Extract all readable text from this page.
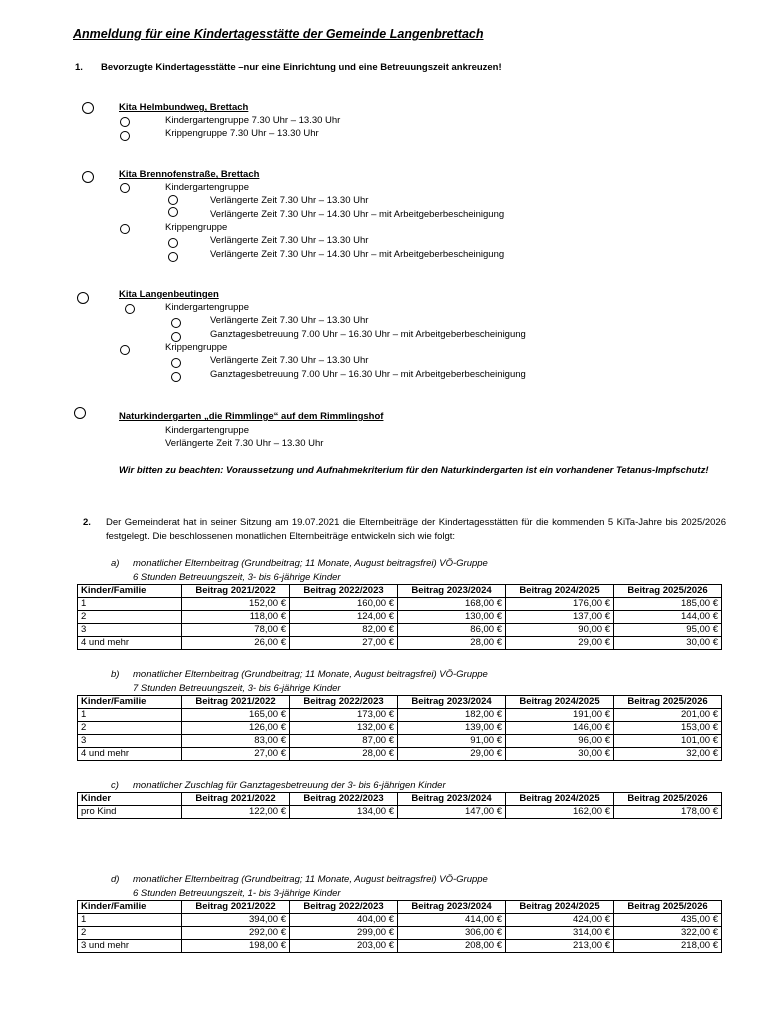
Anmeldung für eine Kindertagesstätte der Gemeinde Langenbrettach
1. Bevorzugte Kindertagesstätte –nur eine Einrichtung und eine Betreuungszeit ankreuzen!
Kita Helmbundweg, Brettach
Kindergartengruppe 7.30 Uhr – 13.30 Uhr
Krippengruppe 7.30 Uhr – 13.30 Uhr
Kita Brennofenstraße, Brettach
Kindergartengruppe
Verlängerte Zeit 7.30 Uhr – 13.30 Uhr
Verlängerte Zeit 7.30 Uhr – 14.30 Uhr – mit Arbeitgeberbescheinigung
Krippengruppe
Verlängerte Zeit 7.30 Uhr – 13.30 Uhr
Verlängerte Zeit 7.30 Uhr – 14.30 Uhr – mit Arbeitgeberbescheinigung
Kita Langenbeutingen
Kindergartengruppe
Verlängerte Zeit 7.30 Uhr – 13.30 Uhr
Ganztagesbetreuung 7.00 Uhr – 16.30 Uhr – mit Arbeitgeberbescheinigung
Krippengruppe
Verlängerte Zeit 7.30 Uhr – 13.30 Uhr
Ganztagesbetreuung 7.00 Uhr – 16.30 Uhr – mit Arbeitgeberbescheinigung
Naturkindergarten „die Rimmlinge“ auf dem Rimmlingshof
Kindergartengruppe
Verlängerte Zeit 7.30 Uhr – 13.30 Uhr
Wir bitten zu beachten: Voraussetzung und Aufnahmekriterium für den Naturkindergarten ist ein vorhandener Tetanus-Impfschutz!
2. Der Gemeinderat hat in seiner Sitzung am 19.07.2021 die Elternbeiträge der Kindertagesstätten für die kommenden 5 KiTa-Jahre bis 2025/2026 festgelegt. Die beschlossenen monatlichen Elternbeiträge entwickeln sich wie folgt:
a) monatlicher Elternbeitrag (Grundbeitrag; 11 Monate, August beitragsfrei) VÖ-Gruppe
6 Stunden Betreuungszeit, 3- bis 6-jährige Kinder
Kinder/Familie	Beitrag 2021/2022	Beitrag 2022/2023	Beitrag 2023/2024	Beitrag 2024/2025	Beitrag 2025/2026
1	152,00 €	160,00 €	168,00 €	176,00 €	185,00 €
2	118,00 €	124,00 €	130,00 €	137,00 €	144,00 €
3	78,00 €	82,00 €	86,00 €	90,00 €	95,00 €
4 und mehr	26,00 €	27,00 €	28,00 €	29,00 €	30,00 €
b) monatlicher Elternbeitrag (Grundbeitrag; 11 Monate, August beitragsfrei) VÖ-Gruppe
7 Stunden Betreuungszeit, 3- bis 6-jährige Kinder
Kinder/Familie	Beitrag 2021/2022	Beitrag 2022/2023	Beitrag 2023/2024	Beitrag 2024/2025	Beitrag 2025/2026
1	165,00 €	173,00 €	182,00 €	191,00 €	201,00 €
2	126,00 €	132,00 €	139,00 €	146,00 €	153,00 €
3	83,00 €	87,00 €	91,00 €	96,00 €	101,00 €
4 und mehr	27,00 €	28,00 €	29,00 €	30,00 €	32,00 €
c) monatlicher Zuschlag für Ganztagesbetreuung der 3- bis 6-jährigen Kinder
Kinder	Beitrag 2021/2022	Beitrag 2022/2023	Beitrag 2023/2024	Beitrag 2024/2025	Beitrag 2025/2026
pro Kind	122,00 €	134,00 €	147,00 €	162,00 €	178,00 €
d) monatlicher Elternbeitrag (Grundbeitrag; 11 Monate, August beitragsfrei) VÖ-Gruppe
6 Stunden Betreuungszeit, 1- bis 3-jährige Kinder
Kinder/Familie	Beitrag 2021/2022	Beitrag 2022/2023	Beitrag 2023/2024	Beitrag 2024/2025	Beitrag 2025/2026
1	394,00 €	404,00 €	414,00 €	424,00 €	435,00 €
2	292,00 €	299,00 €	306,00 €	314,00 €	322,00 €
3 und mehr	198,00 €	203,00 €	208,00 €	213,00 €	218,00 €
